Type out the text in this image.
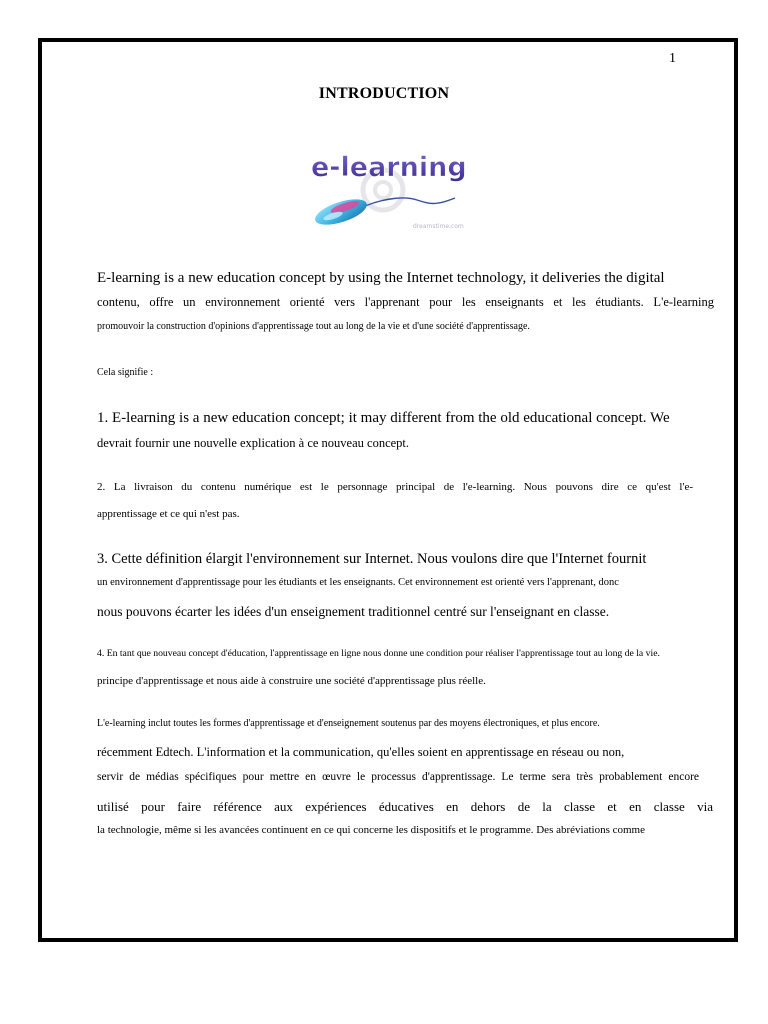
1
INTRODUCTION
e-learning
dreamstime.com
E-learning is a new education concept by using the Internet technology, it deliveries the digital
contenu, offre un environnement orienté vers l'apprenant pour les enseignants et les étudiants. L'e-learning
promouvoir la construction d'opinions d'apprentissage tout au long de la vie et d'une société d'apprentissage.
Cela signifie :
1. E-learning is a new education concept; it may different from the old educational concept. We
devrait fournir une nouvelle explication à ce nouveau concept.
2. La livraison du contenu numérique est le personnage principal de l'e-learning. Nous pouvons dire ce qu'est l'e-
apprentissage et ce qui n'est pas.
3. Cette définition élargit l'environnement sur Internet. Nous voulons dire que l'Internet fournit
un environnement d'apprentissage pour les étudiants et les enseignants. Cet environnement est orienté vers l'apprenant, donc
nous pouvons écarter les idées d'un enseignement traditionnel centré sur l'enseignant en classe.
4. En tant que nouveau concept d'éducation, l'apprentissage en ligne nous donne une condition pour réaliser l'apprentissage tout au long de la vie.
principe d'apprentissage et nous aide à construire une société d'apprentissage plus réelle.
L'e-learning inclut toutes les formes d'apprentissage et d'enseignement soutenus par des moyens électroniques, et plus encore.
récemment Edtech. L'information et la communication, qu'elles soient en apprentissage en réseau ou non,
servir de médias spécifiques pour mettre en œuvre le processus d'apprentissage. Le terme sera très probablement encore
utilisé pour faire référence aux expériences éducatives en dehors de la classe et en classe via
la technologie, même si les avancées continuent en ce qui concerne les dispositifs et le programme. Des abréviations comme
